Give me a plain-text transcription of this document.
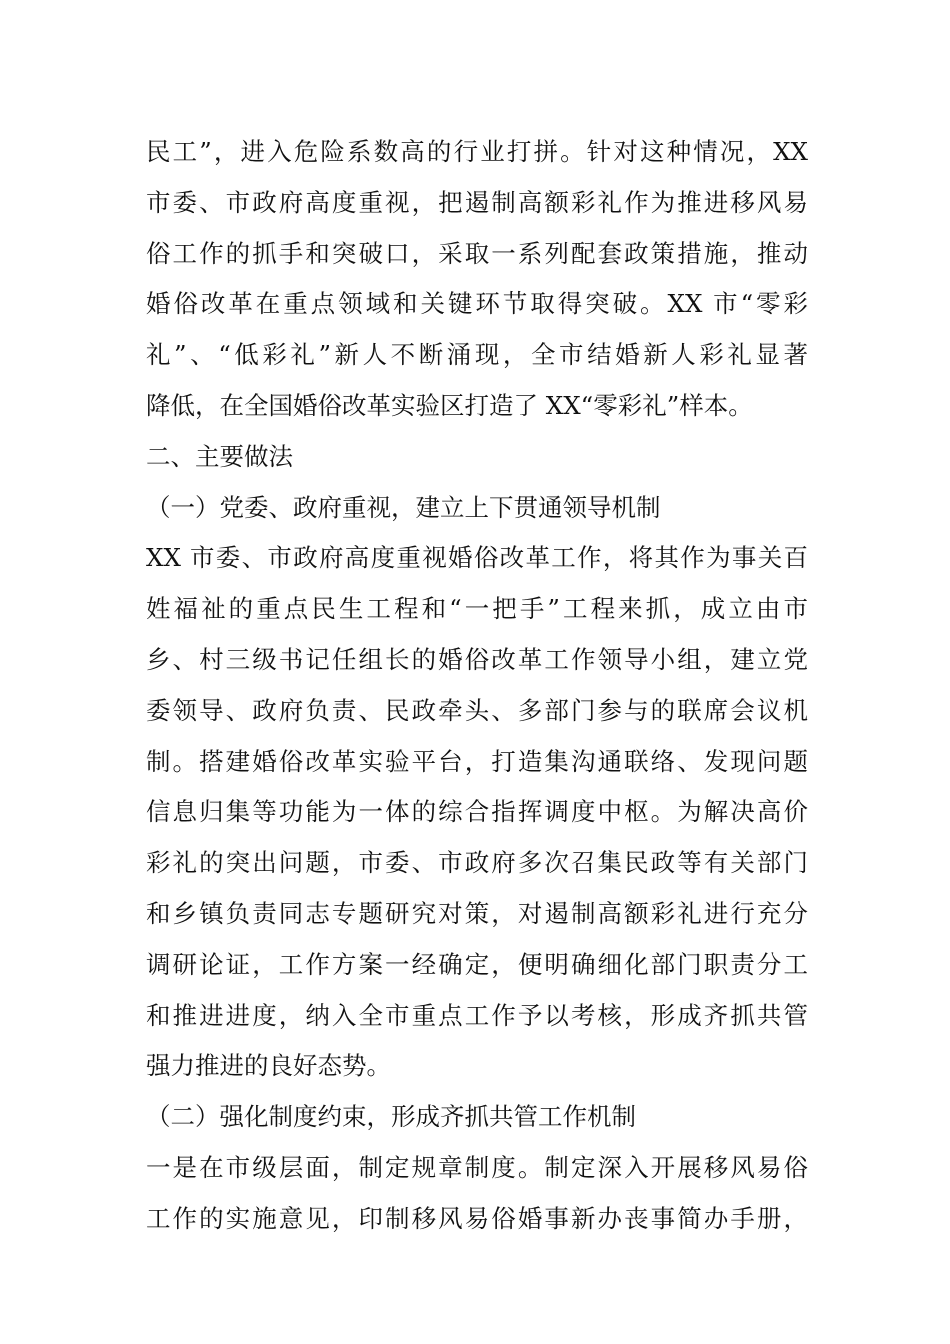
民工”，进入危险系数高的行业打拼。针对这种情况，XX
市委、市政府高度重视，把遏制高额彩礼作为推进移风易
俗工作的抓手和突破口，采取一系列配套政策措施，推动
婚俗改革在重点领域和关键环节取得突破。XX 市“零彩
礼”、“低彩礼”新人不断涌现，全市结婚新人彩礼显著
降低，在全国婚俗改革实验区打造了 XX“零彩礼”样本。
二、主要做法
（一）党委、政府重视，建立上下贯通领导机制
XX 市委、市政府高度重视婚俗改革工作，将其作为事关百
姓福祉的重点民生工程和“一把手”工程来抓，成立由市
乡、村三级书记任组长的婚俗改革工作领导小组，建立党
委领导、政府负责、民政牵头、多部门参与的联席会议机
制。搭建婚俗改革实验平台，打造集沟通联络、发现问题
信息归集等功能为一体的综合指挥调度中枢。为解决高价
彩礼的突出问题，市委、市政府多次召集民政等有关部门
和乡镇负责同志专题研究对策，对遏制高额彩礼进行充分
调研论证，工作方案一经确定，便明确细化部门职责分工
和推进进度，纳入全市重点工作予以考核，形成齐抓共管
强力推进的良好态势。
（二）强化制度约束，形成齐抓共管工作机制
一是在市级层面，制定规章制度。制定深入开展移风易俗
工作的实施意见，印制移风易俗婚事新办丧事简办手册，
